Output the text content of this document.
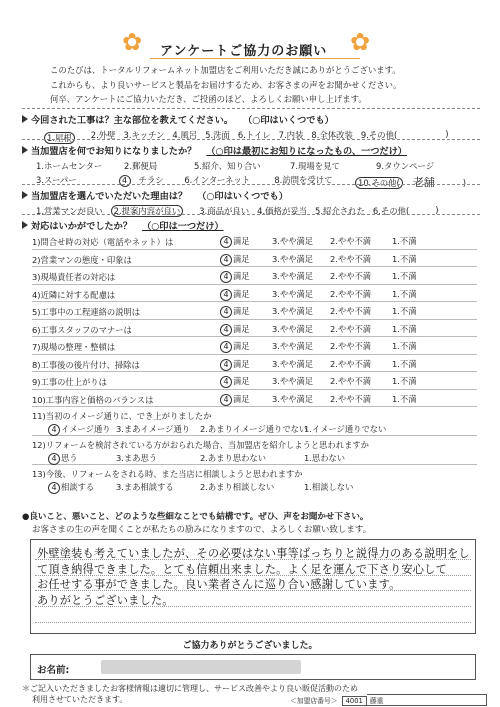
✿	✿
アンケートご協力のお願い
このたびは、トータルリフォームネット加盟店をご利用いただき誠にありがとうございます。
これからも、より良いサービスと製品をお届けするため、お客さまの声をお聞かせください。
何卒、アンケートにご協力いただき、ご投函のほど、よろしくお願い申し上げます。
今回された工事は？主な部位を教えてください。 （○印はいくつでも）
1.屋根	2.外壁 3.キッチン 4.風呂 5.洗面 6.トイレ 7.内装 8.全体改装 9.その他(	)
当加盟店を何でお知りになりましたか？ （○印は最初にお知りになったもの、一つだけ）
1.ホームセンター	2.郵便局	5.紹介、知り合い	7.現場を見て	9.タウンページ
3.スーパー	4 チラシ	6.インターネット	8.訪問を受けて	10.その他( 老舗	)
当加盟店を選んでいただいた理由は？ （○印はいくつでも）
1.営業マンが良い	2.提案内容が良い	3.商品が良い 4.価格が妥当 5.紹介された 6.その他(	)
対応はいかがでしたか？ （○印は一つだけ）
1)問合せ時の対応（電話やネット）は	4 満足	3.やや満足 2.やや不満	1.不満
2)営業マンの態度・印象は	4 満足	3.やや満足 2.やや不満	1.不満
3)現場責任者の対応は	4 満足	3.やや満足 2.やや不満	1.不満
4)近隣に対する配慮は	4 満足	3.やや満足 2.やや不満	1.不満
5)工事中の工程連絡の説明は	4 満足	3.やや満足 2.やや不満	1.不満
6)工事スタッフのマナーは	4 満足	3.やや満足 2.やや不満	1.不満
7)現場の整理・整頓は	4 満足	3.やや満足 2.やや不満	1.不満
8)工事後の後片付け、掃除は	4 満足	3.やや満足 2.やや不満	1.不満
9)工事の仕上がりは	4 満足	3.やや満足 2.やや不満	1.不満
10)工事内容と価格のバランスは	4 満足	3.やや満足 2.やや不満	1.不満
11)当初のイメージ通りに、でき上がりましたか
4 イメージ通り 3.まあイメージ通り 2.あまりイメージ通りでない
1.イメージ通りでない
12)リフォームを検討されている方がおられた場合、当加盟店を紹介しようと思われますか
4 思う	3.まあ思う	2.あまり思わない	1.思わない
13)今後、リフォームをされる時、また当店に相談しようと思われますか
4 相談する	3.まあ相談する	2.あまり相談しない	1.相談しない
●良いこと、悪いこと、どのような些細なことでも結構です。ぜひ、声をお聞かせ下さい。
お客さまの生の声を聞くことが私たちの励みになりますので、よろしくお願い致します。
外壁塗装も考えていましたが、その必要はない事等ばっちりと説得力のある説明をし
て頂き納得できました。とても信頼出来ました。よく足を運んで下さり安心して
お任せする事ができました。良い業者さんに巡り合い感謝しています。
ありがとうございました。
ご協力ありがとうございました。
お名前:
＊ご記入いただきましたお客様情報は適切に管理し、サービス改善やより良い販促活動のため
利用させていただきます。	＜加盟店番号＞ 4001 藤重
